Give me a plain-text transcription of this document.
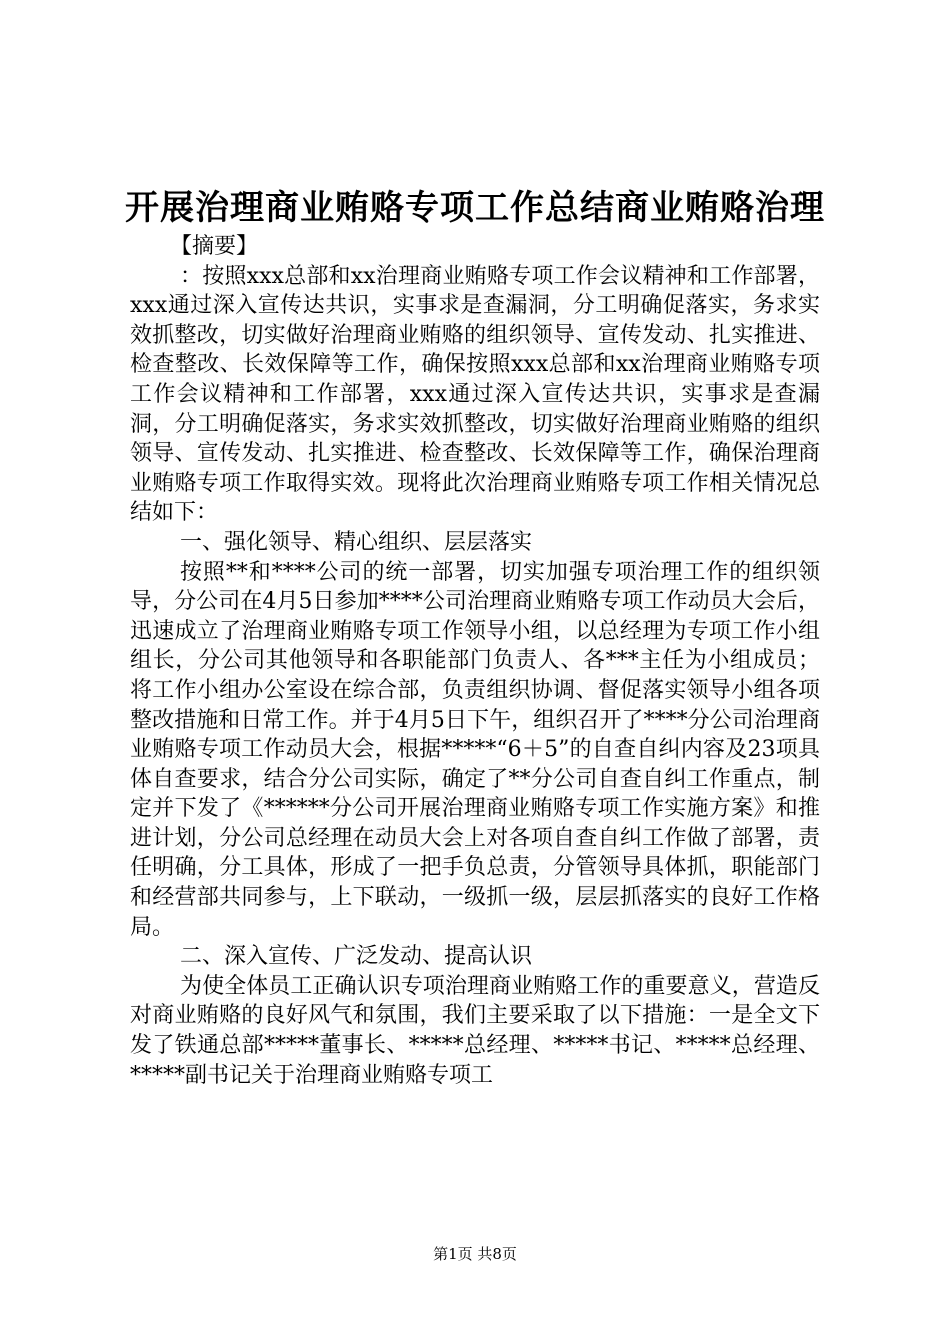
开展治理商业贿赂专项工作总结商业贿赂治理

【摘要】

：按照xxx总部和xx治理商业贿赂专项工作会议精神和工作部署，xxx通过深入宣传达共识，实事求是查漏洞，分工明确促落实，务求实效抓整改，切实做好治理商业贿赂的组织领导、宣传发动、扎实推进、检查整改、长效保障等工作，确保按照xxx总部和xx治理商业贿赂专项工作会议精神和工作部署，xxx通过深入宣传达共识，实事求是查漏洞，分工明确促落实，务求实效抓整改，切实做好治理商业贿赂的组织领导、宣传发动、扎实推进、检查整改、长效保障等工作，确保治理商业贿赂专项工作取得实效。现将此次治理商业贿赂专项工作相关情况总结如下：

一、强化领导、精心组织、层层落实

按照**和****公司的统一部署，切实加强专项治理工作的组织领导，分公司在4月5日参加****公司治理商业贿赂专项工作动员大会后，迅速成立了治理商业贿赂专项工作领导小组，以总经理为专项工作小组组长，分公司其他领导和各职能部门负责人、各***主任为小组成员；将工作小组办公室设在综合部，负责组织协调、督促落实领导小组各项整改措施和日常工作。并于4月5日下午，组织召开了****分公司治理商业贿赂专项工作动员大会，根据*****“6＋5”的自查自纠内容及23项具体自查要求，结合分公司实际，确定了**分公司自查自纠工作重点，制定并下发了《******分公司开展治理商业贿赂专项工作实施方案》和推进计划，分公司总经理在动员大会上对各项自查自纠工作做了部署，责任明确，分工具体，形成了一把手负总责，分管领导具体抓，职能部门和经营部共同参与，上下联动，一级抓一级，层层抓落实的良好工作格局。

二、深入宣传、广泛发动、提高认识

为使全体员工正确认识专项治理商业贿赂工作的重要意义，营造反对商业贿赂的良好风气和氛围，我们主要采取了以下措施：一是全文下发了铁通总部*****董事长、*****总经理、*****书记、*****总经理、*****副书记关于治理商业贿赂专项工

第1页 共8页
